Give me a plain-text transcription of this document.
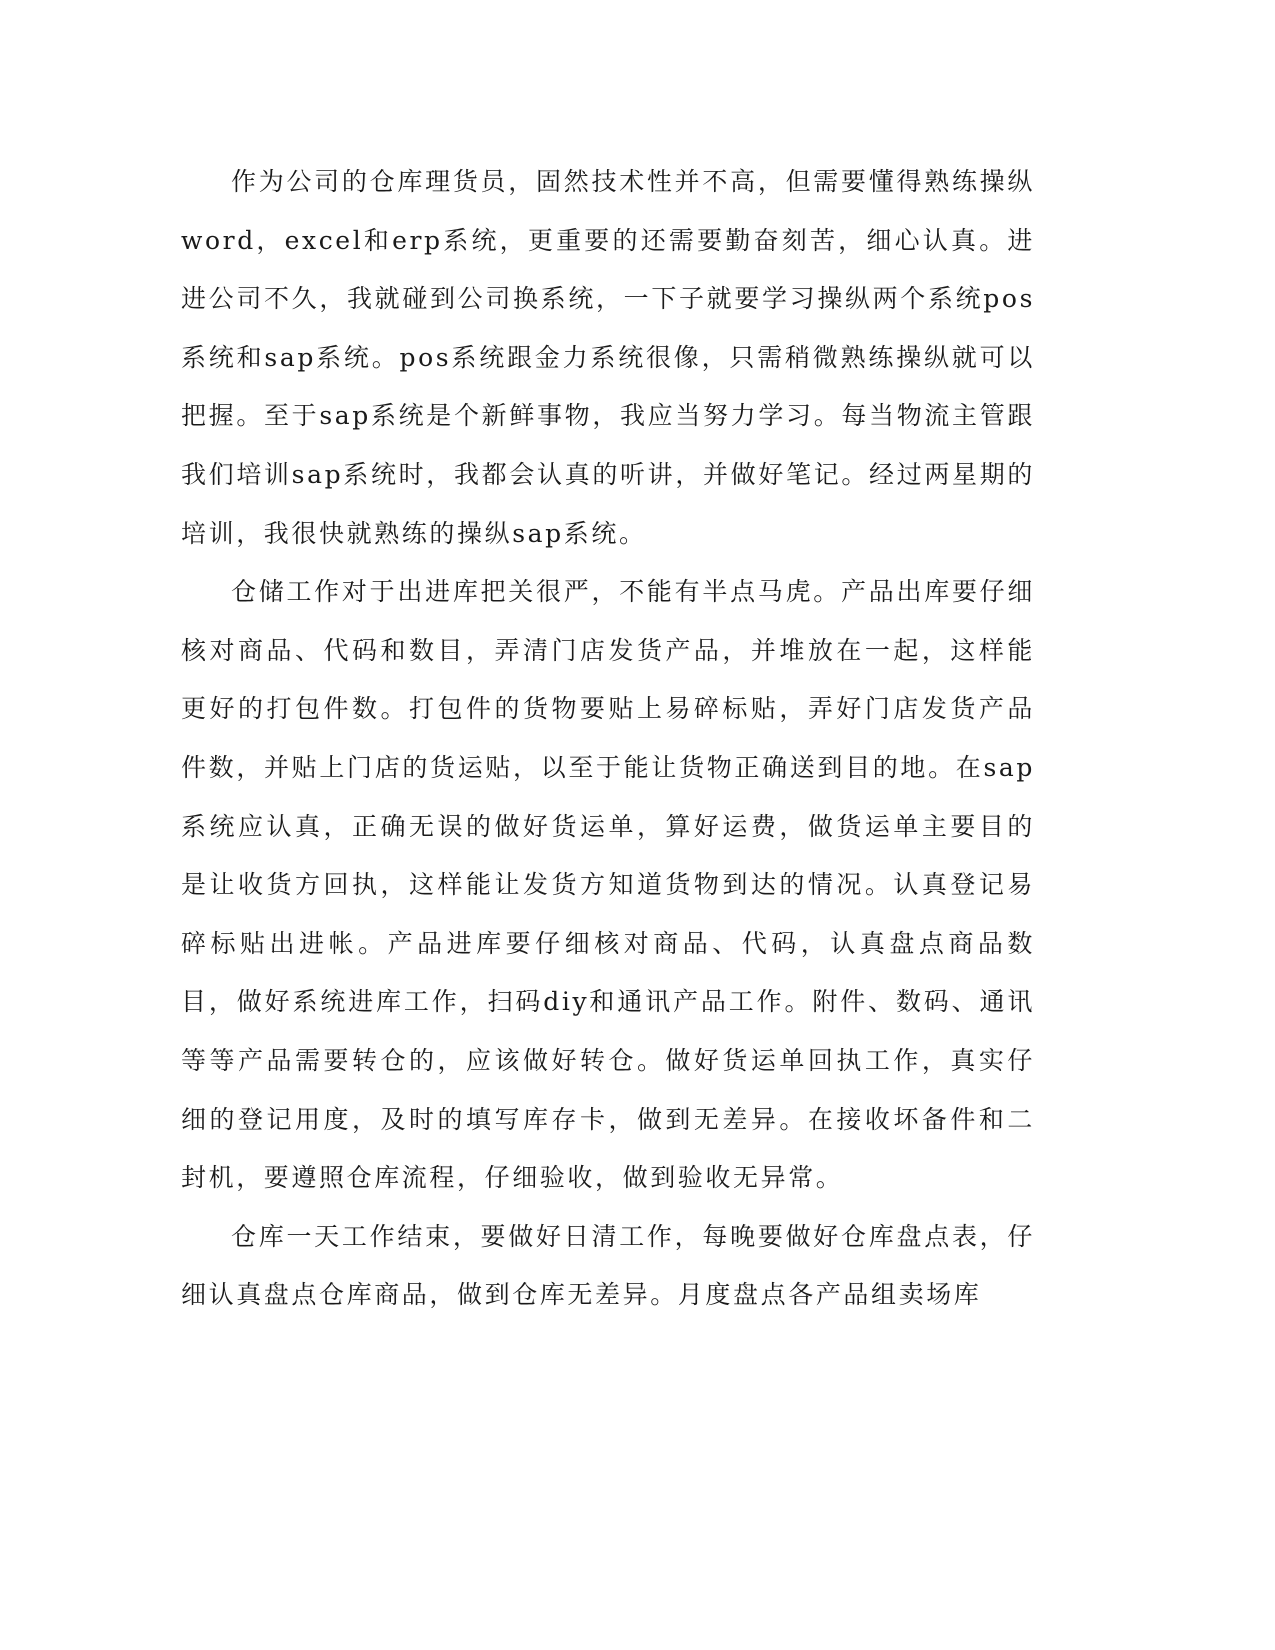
作为公司的仓库理货员，固然技术性并不高，但需要懂得熟练操纵word，excel和erp系统，更重要的还需要勤奋刻苦，细心认真。进进公司不久，我就碰到公司换系统，一下子就要学习操纵两个系统pos系统和sap系统。pos系统跟金力系统很像，只需稍微熟练操纵就可以把握。至于sap系统是个新鲜事物，我应当努力学习。每当物流主管跟我们培训sap系统时，我都会认真的听讲，并做好笔记。经过两星期的培训，我很快就熟练的操纵sap系统。

仓储工作对于出进库把关很严，不能有半点马虎。产品出库要仔细核对商品、代码和数目，弄清门店发货产品，并堆放在一起，这样能更好的打包件数。打包件的货物要贴上易碎标贴，弄好门店发货产品件数，并贴上门店的货运贴，以至于能让货物正确送到目的地。在sap系统应认真，正确无误的做好货运单，算好运费，做货运单主要目的是让收货方回执，这样能让发货方知道货物到达的情况。认真登记易碎标贴出进帐。产品进库要仔细核对商品、代码，认真盘点商品数目，做好系统进库工作，扫码diy和通讯产品工作。附件、数码、通讯等等产品需要转仓的，应该做好转仓。做好货运单回执工作，真实仔细的登记用度，及时的填写库存卡，做到无差异。在接收坏备件和二封机，要遵照仓库流程，仔细验收，做到验收无异常。

仓库一天工作结束，要做好日清工作，每晚要做好仓库盘点表，仔细认真盘点仓库商品，做到仓库无差异。月度盘点各产品组卖场库
